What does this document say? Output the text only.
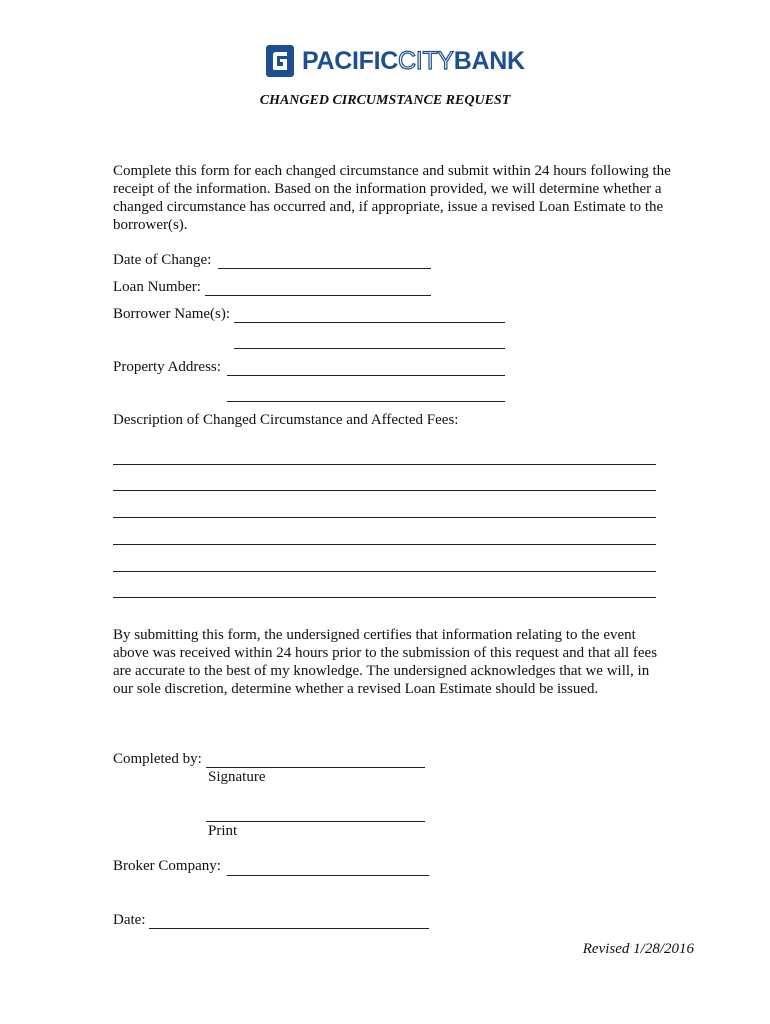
PACIFICCITYBANK
CHANGED CIRCUMSTANCE REQUEST

Complete this form for each changed circumstance and submit within 24 hours following the receipt of the information. Based on the information provided, we will determine whether a changed circumstance has occurred and, if appropriate, issue a revised Loan Estimate to the borrower(s).

Date of Change:
Loan Number:
Borrower Name(s):
Property Address:
Description of Changed Circumstance and Affected Fees:
By submitting this form, the undersigned certifies that information relating to the event above was received within 24 hours prior to the submission of this request and that all fees are accurate to the best of my knowledge. The undersigned acknowledges that we will, in our sole discretion, determine whether a revised Loan Estimate should be issued.
Completed by:
Signature
Print
Broker Company:
Date:
Revised 1/28/2016
